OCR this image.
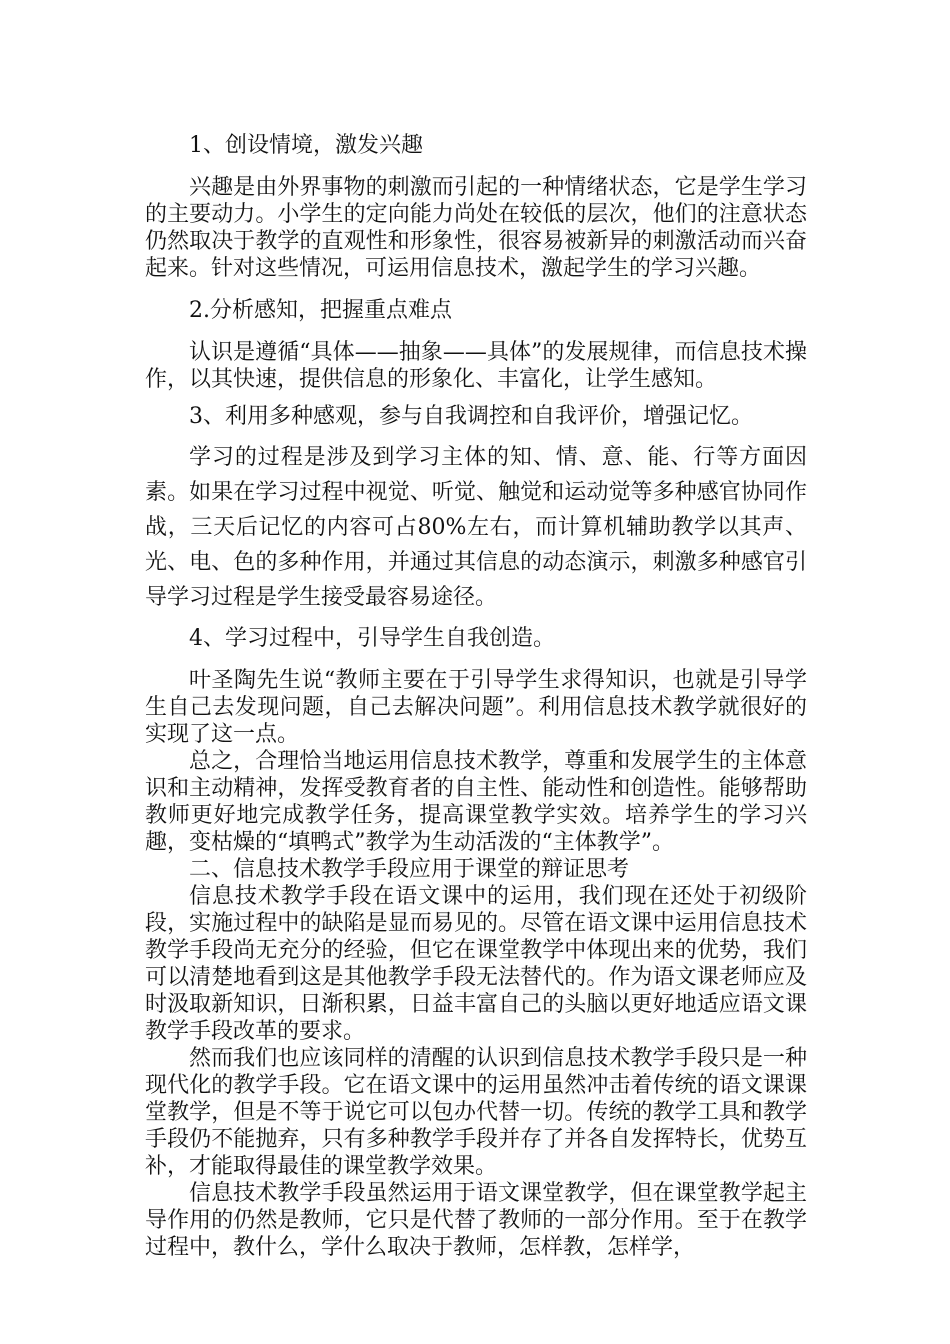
1、创设情境，激发兴趣

兴趣是由外界事物的刺激而引起的一种情绪状态，它是学生学习的主要动力。小学生的定向能力尚处在较低的层次，他们的注意状态仍然取决于教学的直观性和形象性，很容易被新异的刺激活动而兴奋起来。针对这些情况，可运用信息技术，激起学生的学习兴趣。

2.分析感知，把握重点难点

认识是遵循“具体——抽象——具体”的发展规律，而信息技术操作，以其快速，提供信息的形象化、丰富化，让学生感知。

3、利用多种感观，参与自我调控和自我评价，增强记忆。

学习的过程是涉及到学习主体的知、情、意、能、行等方面因素。如果在学习过程中视觉、听觉、触觉和运动觉等多种感官协同作战，三天后记忆的内容可占80%左右，而计算机辅助教学以其声、光、电、色的多种作用，并通过其信息的动态演示，刺激多种感官引导学习过程是学生接受最容易途径。

4、学习过程中，引导学生自我创造。

叶圣陶先生说“教师主要在于引导学生求得知识，也就是引导学生自己去发现问题，自己去解决问题”。利用信息技术教学就很好的实现了这一点。

总之，合理恰当地运用信息技术教学，尊重和发展学生的主体意识和主动精神，发挥受教育者的自主性、能动性和创造性。能够帮助教师更好地完成教学任务，提高课堂教学实效。培养学生的学习兴趣，变枯燥的“填鸭式”教学为生动活泼的“主体教学”。

二、信息技术教学手段应用于课堂的辩证思考

信息技术教学手段在语文课中的运用，我们现在还处于初级阶段，实施过程中的缺陷是显而易见的。尽管在语文课中运用信息技术教学手段尚无充分的经验，但它在课堂教学中体现出来的优势，我们可以清楚地看到这是其他教学手段无法替代的。作为语文课老师应及时汲取新知识，日渐积累，日益丰富自己的头脑以更好地适应语文课教学手段改革的要求。

然而我们也应该同样的清醒的认识到信息技术教学手段只是一种现代化的教学手段。它在语文课中的运用虽然冲击着传统的语文课课堂教学，但是不等于说它可以包办代替一切。传统的教学工具和教学手段仍不能抛弃，只有多种教学手段并存了并各自发挥特长，优势互补，才能取得最佳的课堂教学效果。

信息技术教学手段虽然运用于语文课堂教学，但在课堂教学起主导作用的仍然是教师，它只是代替了教师的一部分作用。至于在教学过程中，教什么，学什么取决于教师，怎样教，怎样学，
